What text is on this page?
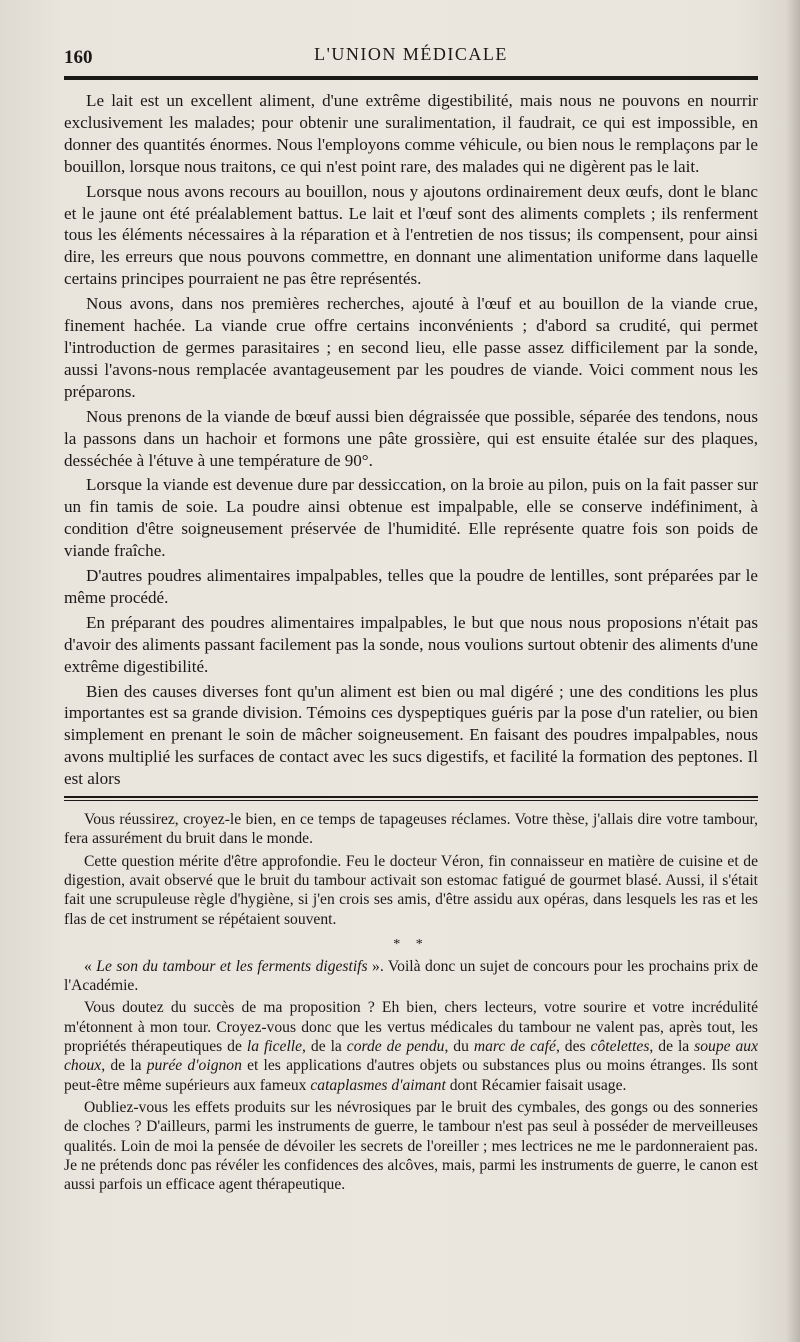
160	L'UNION MÉDICALE

Le lait est un excellent aliment, d'une extrême digestibilité, mais nous ne pouvons en nourrir exclusivement les malades; pour obtenir une suralimentation, il faudrait, ce qui est impossible, en donner des quantités énormes. Nous l'employons comme véhicule, ou bien nous le remplaçons par le bouillon, lorsque nous traitons, ce qui n'est point rare, des malades qui ne digèrent pas le lait.

Lorsque nous avons recours au bouillon, nous y ajoutons ordinairement deux œufs, dont le blanc et le jaune ont été préalablement battus. Le lait et l'œuf sont des aliments complets ; ils renferment tous les éléments nécessaires à la réparation et à l'entretien de nos tissus; ils compensent, pour ainsi dire, les erreurs que nous pouvons commettre, en donnant une alimentation uniforme dans laquelle certains principes pourraient ne pas être représentés.

Nous avons, dans nos premières recherches, ajouté à l'œuf et au bouillon de la viande crue, finement hachée. La viande crue offre certains inconvénients ; d'abord sa crudité, qui permet l'introduction de germes parasitaires ; en second lieu, elle passe assez difficilement par la sonde, aussi l'avons-nous remplacée avantageusement par les poudres de viande. Voici comment nous les préparons.

Nous prenons de la viande de bœuf aussi bien dégraissée que possible, séparée des tendons, nous la passons dans un hachoir et formons une pâte grossière, qui est ensuite étalée sur des plaques, desséchée à l'étuve à une température de 90°.

Lorsque la viande est devenue dure par dessiccation, on la broie au pilon, puis on la fait passer sur un fin tamis de soie. La poudre ainsi obtenue est impalpable, elle se conserve indéfiniment, à condition d'être soigneusement préservée de l'humidité. Elle représente quatre fois son poids de viande fraîche.

D'autres poudres alimentaires impalpables, telles que la poudre de lentilles, sont préparées par le même procédé.

En préparant des poudres alimentaires impalpables, le but que nous nous proposions n'était pas d'avoir des aliments passant facilement pas la sonde, nous voulions surtout obtenir des aliments d'une extrême digestibilité.

Bien des causes diverses font qu'un aliment est bien ou mal digéré ; une des conditions les plus importantes est sa grande division. Témoins ces dyspeptiques guéris par la pose d'un ratelier, ou bien simplement en prenant le soin de mâcher soigneusement. En faisant des poudres impalpables, nous avons multiplié les surfaces de contact avec les sucs digestifs, et facilité la formation des peptones. Il est alors

Vous réussirez, croyez-le bien, en ce temps de tapageuses réclames. Votre thèse, j'allais dire votre tambour, fera assurément du bruit dans le monde.

Cette question mérite d'être approfondie. Feu le docteur Véron, fin connaisseur en matière de cuisine et de digestion, avait observé que le bruit du tambour activait son estomac fatigué de gourmet blasé. Aussi, il s'était fait une scrupuleuse règle d'hygiène, si j'en crois ses amis, d'être assidu aux opéras, dans lesquels les ras et les flas de cet instrument se répétaient souvent.

* *

« Le son du tambour et les ferments digestifs ». Voilà donc un sujet de concours pour les prochains prix de l'Académie.

Vous doutez du succès de ma proposition ? Eh bien, chers lecteurs, votre sourire et votre incrédulité m'étonnent à mon tour. Croyez-vous donc que les vertus médicales du tambour ne valent pas, après tout, les propriétés thérapeutiques de la ficelle, de la corde de pendu, du marc de café, des côtelettes, de la soupe aux choux, de la purée d'oignon et les applications d'autres objets ou substances plus ou moins étranges. Ils sont peut-être même supérieurs aux fameux cataplasmes d'aimant dont Récamier faisait usage.

Oubliez-vous les effets produits sur les névrosiques par le bruit des cymbales, des gongs ou des sonneries de cloches ? D'ailleurs, parmi les instruments de guerre, le tambour n'est pas seul à posséder de merveilleuses qualités. Loin de moi la pensée de dévoiler les secrets de l'oreiller ; mes lectrices ne me le pardonneraient pas. Je ne prétends donc pas révéler les confidences des alcôves, mais, parmi les instruments de guerre, le canon est aussi parfois un efficace agent thérapeutique.
